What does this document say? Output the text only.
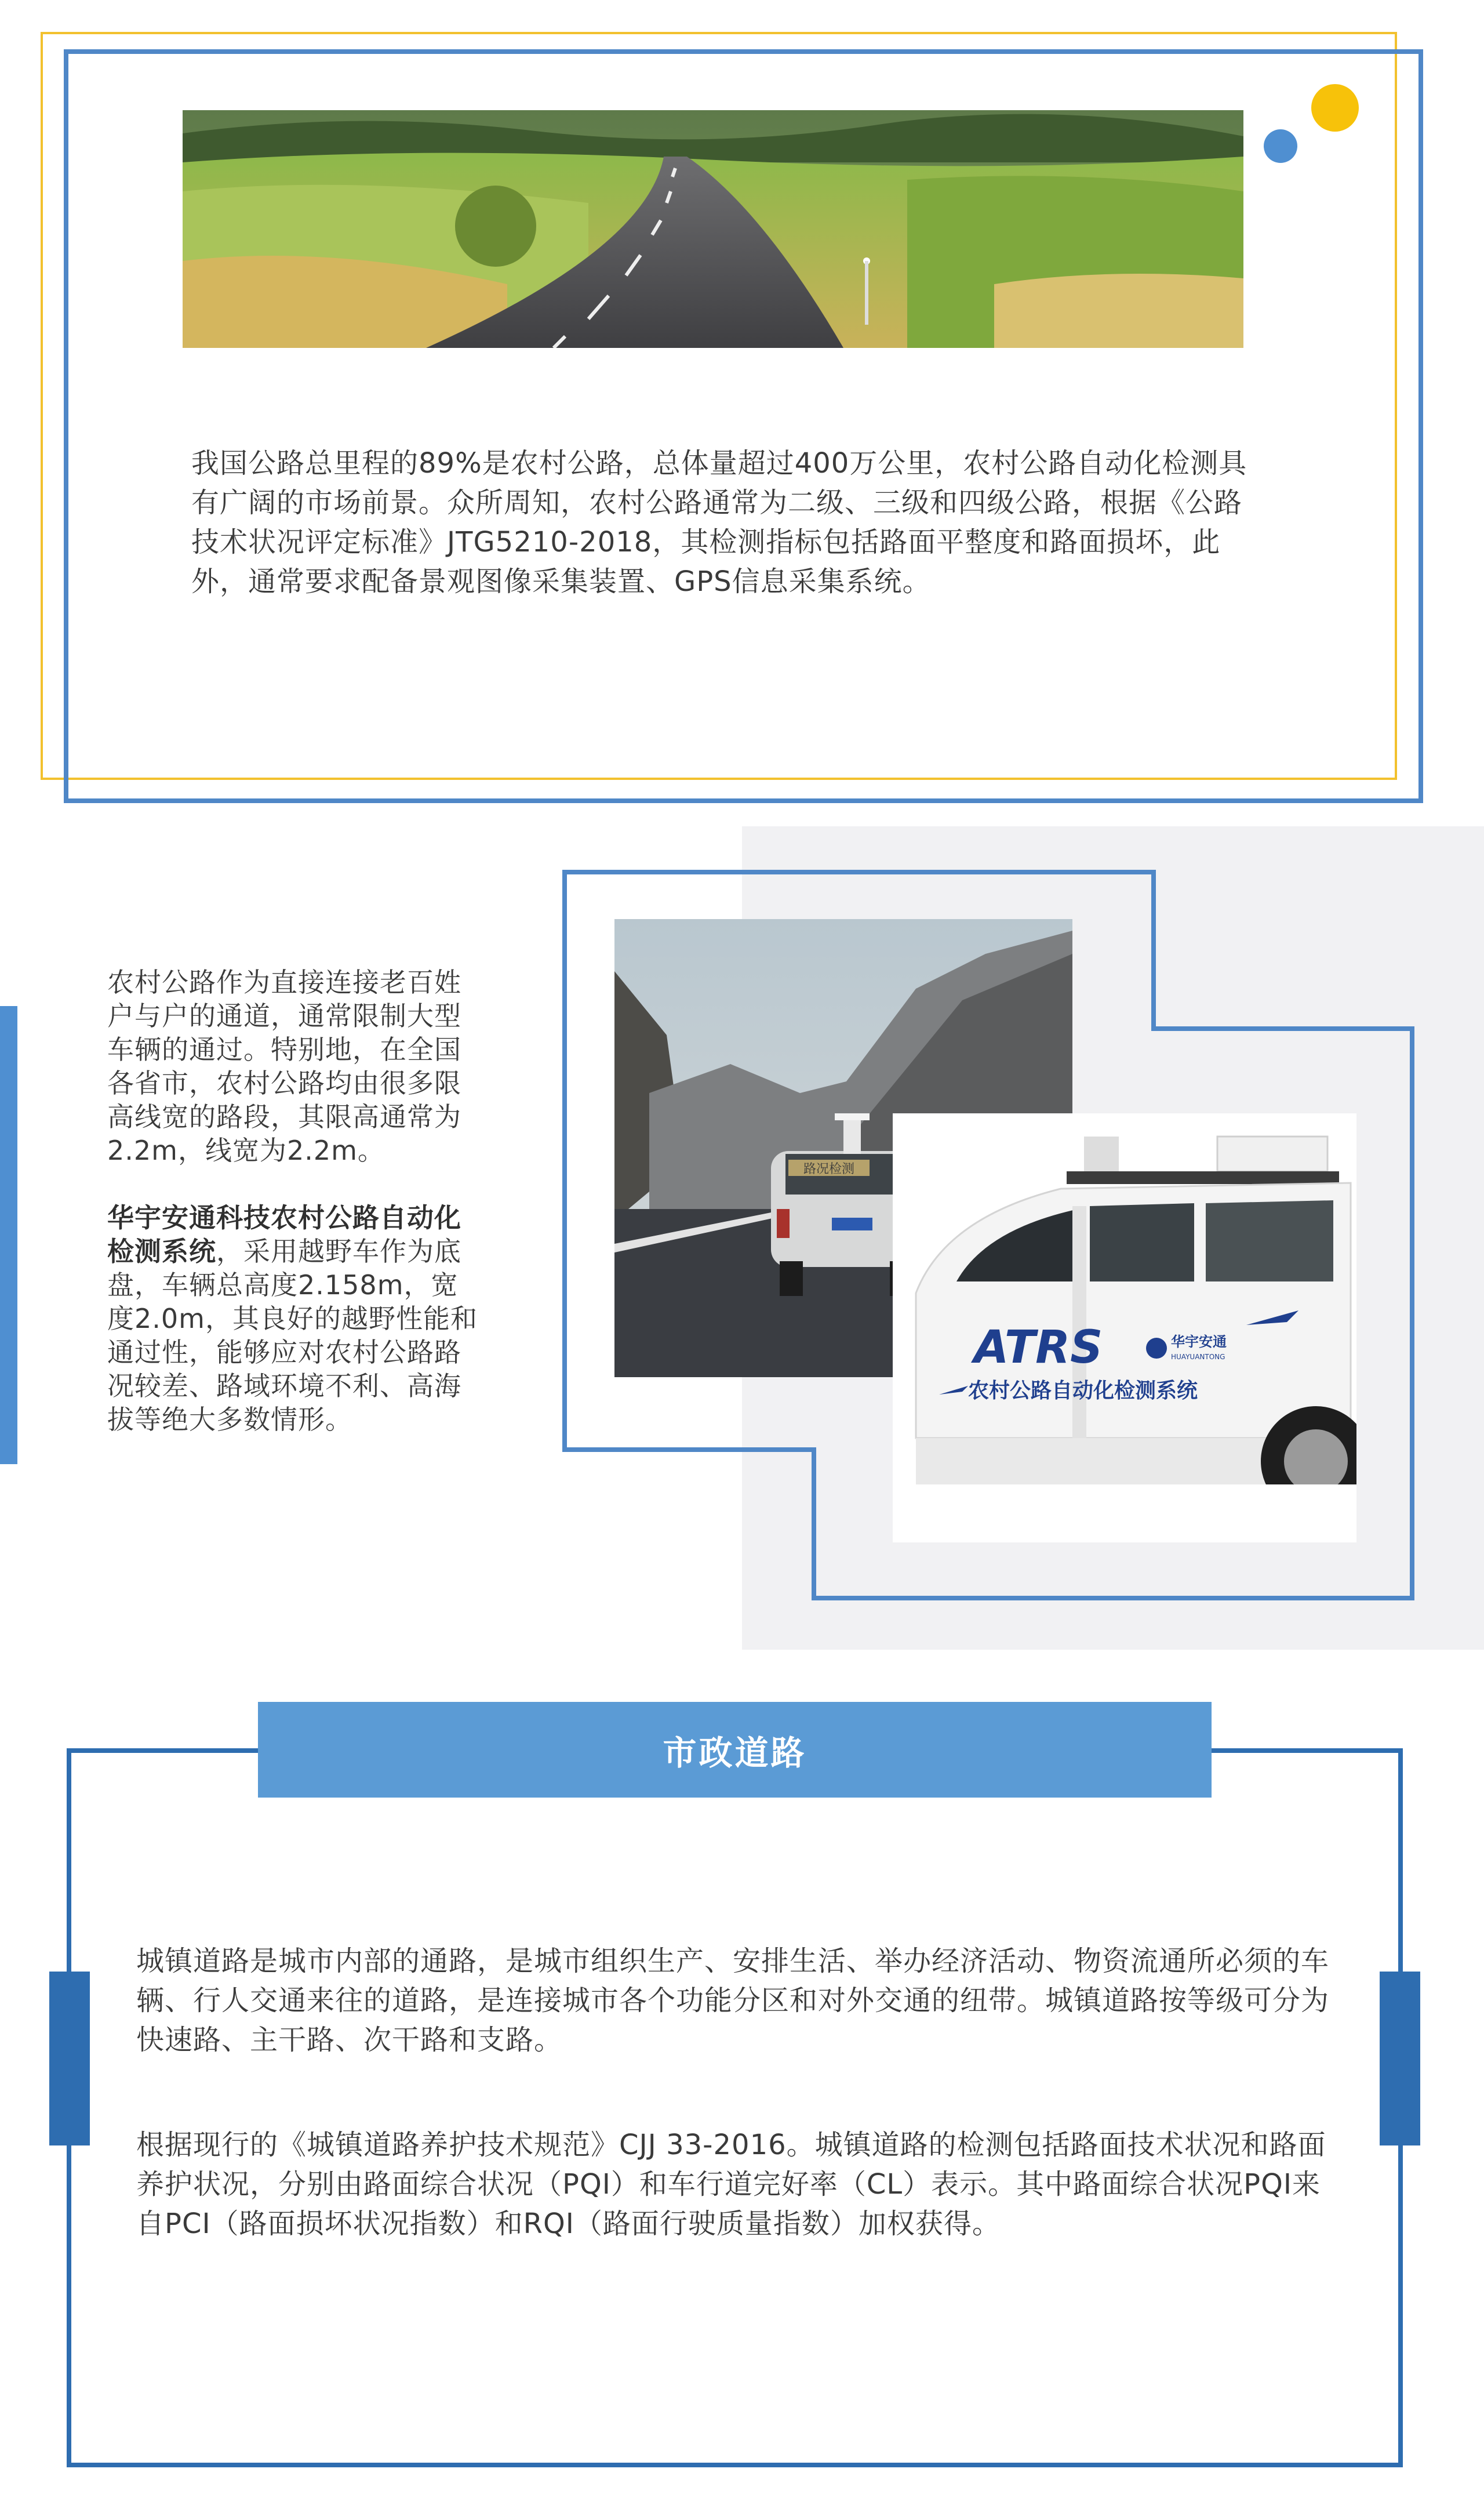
我国公路总里程的89%是农村公路，总体量超过400万公里，农村公路自动化检测具有广阔的市场前景。众所周知，农村公路通常为二级、三级和四级公路，根据《公路技术状况评定标准》JTG5210-2018，其检测指标包括路面平整度和路面损坏，此外，通常要求配备景观图像采集装置、GPS信息采集系统。

农村公路作为直接连接老百姓户与户的通道，通常限制大型车辆的通过。特别地，在全国各省市，农村公路均由很多限高线宽的路段，其限高通常为2.2m，线宽为2.2m。

华宇安通科技农村公路自动化检测系统，采用越野车作为底盘，车辆总高度2.158m，宽度2.0m，其良好的越野性能和通过性，能够应对农村公路路况较差、路域环境不利、高海拔等绝大多数情形。

路况检测
ATRS	华宇安通
HUAYUANTONG
农村公路自动化检测系统
市政道路
城镇道路是城市内部的通路，是城市组织生产、安排生活、举办经济活动、物资流通所必须的车辆、行人交通来往的道路，是连接城市各个功能分区和对外交通的纽带。城镇道路按等级可分为快速路、主干路、次干路和支路。
根据现行的《城镇道路养护技术规范》CJJ 33-2016。城镇道路的检测包括路面技术状况和路面养护状况，分别由路面综合状况（PQI）和车行道完好率（CL）表示。其中路面综合状况PQI来自PCI（路面损坏状况指数）和RQI（路面行驶质量指数）加权获得。
